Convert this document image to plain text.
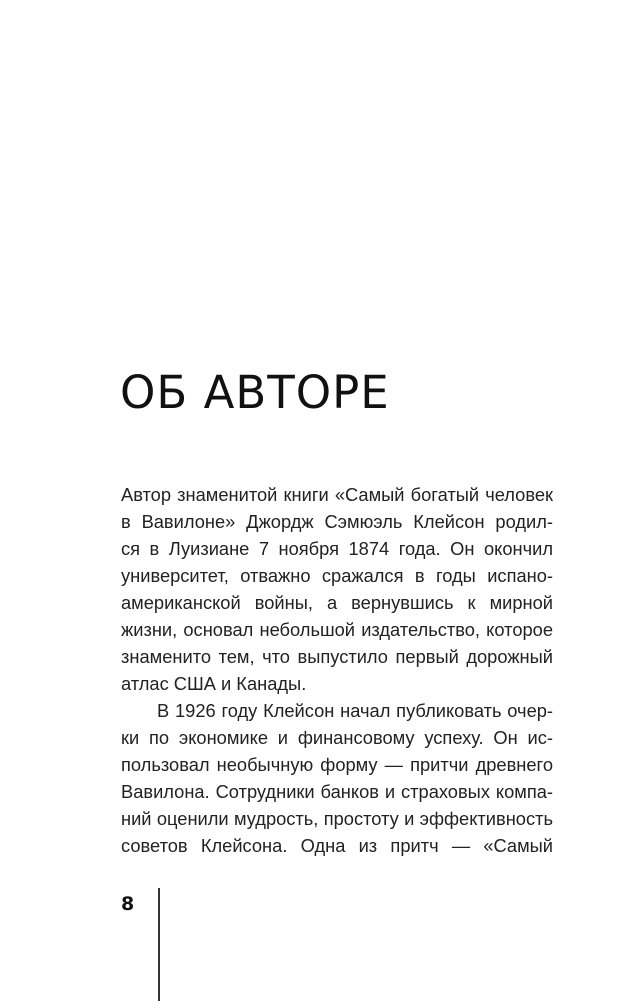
ОБ АВТОРЕ
Автор знаменитой книги «Самый богатый человек
в Вавилоне» Джордж Сэмюэль Клейсон родил-
ся в Луизиане 7 ноября 1874 года. Он окончил
университет, отважно сражался в годы испано-
американской войны, а вернувшись к мирной
жизни, основал небольшой издательство, которое
знаменито тем, что выпустило первый дорожный
атлас США и Канады.
В 1926 году Клейсон начал публиковать очер-
ки по экономике и финансовому успеху. Он ис-
пользовал необычную форму — притчи древнего
Вавилона. Сотрудники банков и страховых компа-
ний оценили мудрость, простоту и эффективность
советов Клейсона. Одна из притч — «Самый
8
